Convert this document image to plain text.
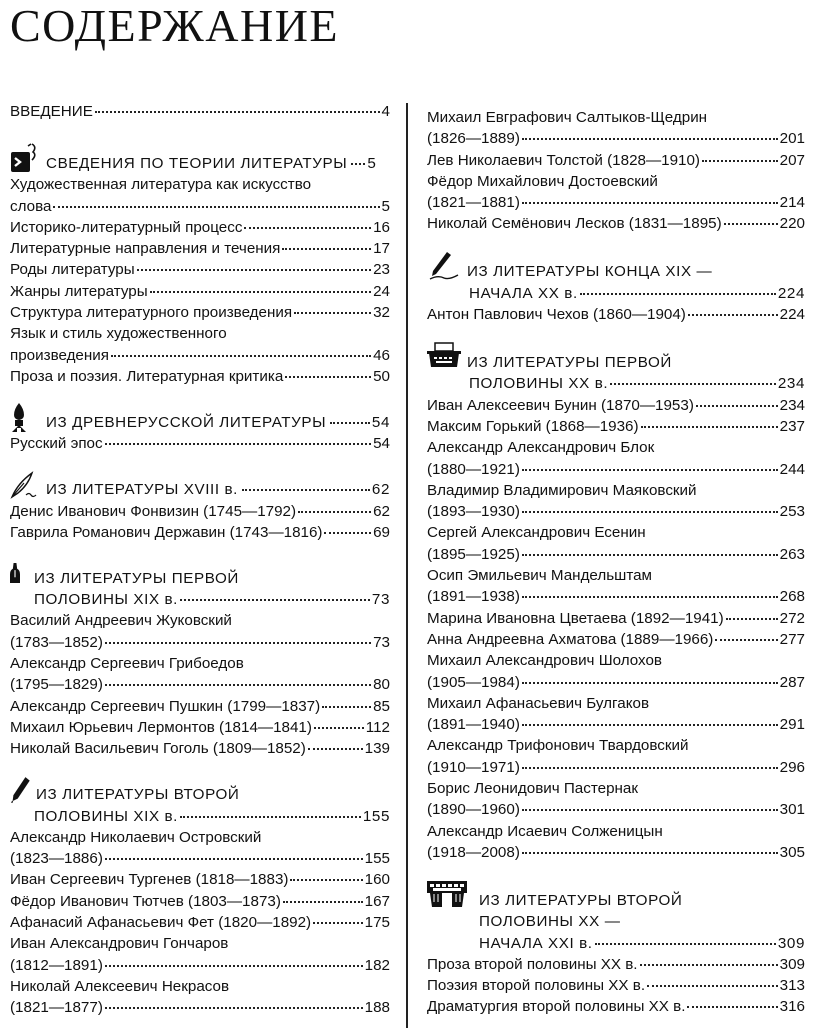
СОДЕРЖАНИЕ
ВВЕДЕНИЕ	4
СВЕДЕНИЯ ПО ТЕОРИИ ЛИТЕРАТУРЫ 5
Художественная литература как искусство
слова	5
Историко-литературный процесс	16
Литературные направления и течения	17
Роды литературы	23
Жанры литературы	24
Структура литературного произведения	32
Язык и стиль художественного
произведения	46
Проза и поэзия. Литературная критика	50
ИЗ ДРЕВНЕРУССКОЙ ЛИТЕРАТУРЫ	54
Русский эпос	54
ИЗ ЛИТЕРАТУРЫ XVIII в.	62
Денис Иванович Фонвизин (1745—1792)	62
Гаврила Романович Державин (1743—1816)	69
ИЗ ЛИТЕРАТУРЫ ПЕРВОЙ
ПОЛОВИНЫ XIX в.	73
Василий Андреевич Жуковский
(1783—1852)	73
Александр Сергеевич Грибоедов
(1795—1829)	80
Александр Сергеевич Пушкин (1799—1837)	85
Михаил Юрьевич Лермонтов (1814—1841)	112
Николай Васильевич Гоголь (1809—1852)	139
ИЗ ЛИТЕРАТУРЫ ВТОРОЙ
ПОЛОВИНЫ XIX в.	155
Александр Николаевич Островский
(1823—1886)	155
Иван Сергеевич Тургенев (1818—1883)	160
Фёдор Иванович Тютчев (1803—1873)	167
Афанасий Афанасьевич Фет (1820—1892)	175
Иван Александрович Гончаров
(1812—1891)	182
Николай Алексеевич Некрасов
(1821—1877)	188
Михаил Евграфович Салтыков-Щедрин
(1826—1889)	201
Лев Николаевич Толстой (1828—1910)	207
Фёдор Михайлович Достоевский
(1821—1881)	214
Николай Семёнович Лесков (1831—1895)	220
ИЗ ЛИТЕРАТУРЫ КОНЦА XIX —
НАЧАЛА XX в.	224
Антон Павлович Чехов (1860—1904)	224
ИЗ ЛИТЕРАТУРЫ ПЕРВОЙ
ПОЛОВИНЫ XX в.	234
Иван Алексеевич Бунин (1870—1953)	234
Максим Горький (1868—1936)	237
Александр Александрович Блок
(1880—1921)	244
Владимир Владимирович Маяковский
(1893—1930)	253
Сергей Александрович Есенин
(1895—1925)	263
Осип Эмильевич Мандельштам
(1891—1938)	268
Марина Ивановна Цветаева (1892—1941)	272
Анна Андреевна Ахматова (1889—1966)	277
Михаил Александрович Шолохов
(1905—1984)	287
Михаил Афанасьевич Булгаков
(1891—1940)	291
Александр Трифонович Твардовский
(1910—1971)	296
Борис Леонидович Пастернак
(1890—1960)	301
Александр Исаевич Солженицын
(1918—2008)	305
ИЗ ЛИТЕРАТУРЫ ВТОРОЙ
ПОЛОВИНЫ XX —
НАЧАЛА XXI в.	309
Проза второй половины XX в.	309
Поэзия второй половины XX в.	313
Драматургия второй половины XX в.	316
